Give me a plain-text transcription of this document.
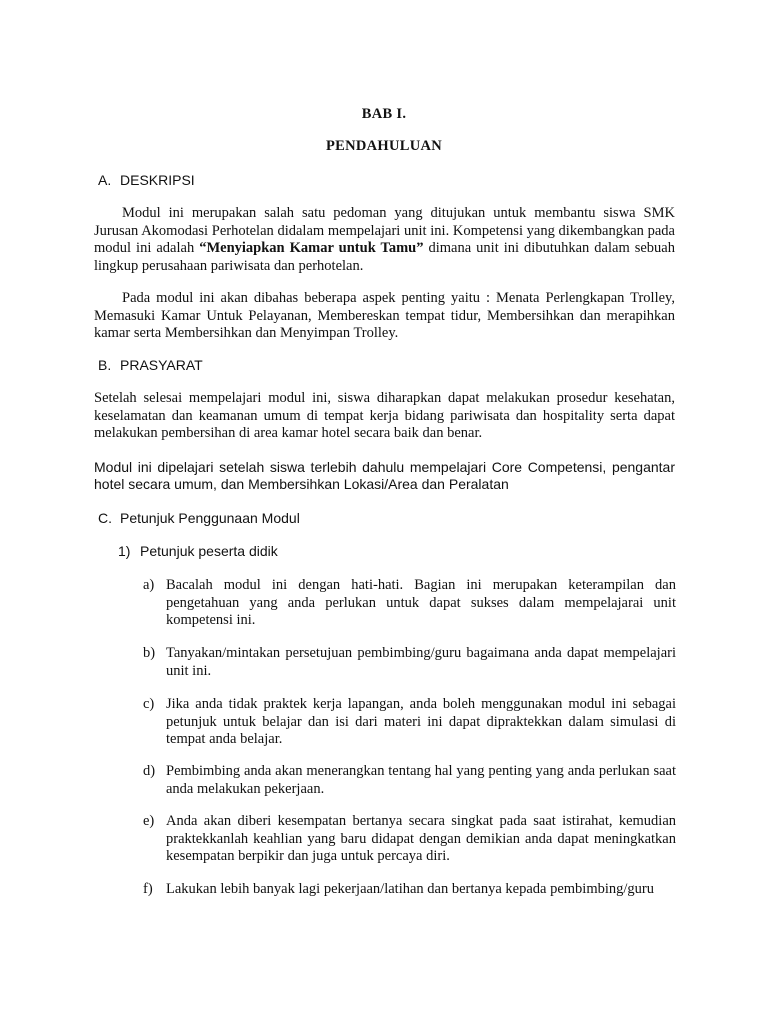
BAB I.
PENDAHULUAN
A. DESKRIPSI

Modul ini merupakan salah satu pedoman yang ditujukan untuk membantu siswa SMK Jurusan Akomodasi Perhotelan didalam mempelajari unit ini. Kompetensi yang dikembangkan pada modul ini adalah “Menyiapkan Kamar untuk Tamu” dimana unit ini dibutuhkan dalam sebuah lingkup perusahaan pariwisata dan perhotelan.

Pada modul ini akan dibahas beberapa aspek penting yaitu : Menata Perlengkapan Trolley, Memasuki Kamar Untuk Pelayanan, Membereskan tempat tidur, Membersihkan dan merapihkan kamar serta Membersihkan dan Menyimpan Trolley.

B. PRASYARAT

Setelah selesai mempelajari modul ini, siswa diharapkan dapat melakukan prosedur kesehatan, keselamatan dan keamanan umum di tempat kerja bidang pariwisata dan hospitality serta dapat melakukan pembersihan di area kamar hotel secara baik dan benar.

Modul ini dipelajari setelah siswa terlebih dahulu mempelajari Core Competensi, pengantar hotel secara umum, dan Membersihkan Lokasi/Area dan Peralatan

C. Petunjuk Penggunaan Modul
1) Petunjuk peserta didik
a) Bacalah modul ini dengan hati-hati. Bagian ini merupakan keterampilan dan pengetahuan yang anda perlukan untuk dapat sukses dalam mempelajarai unit kompetensi ini.
b) Tanyakan/mintakan persetujuan pembimbing/guru bagaimana anda dapat mempelajari unit ini.
c) Jika anda tidak praktek kerja lapangan, anda boleh menggunakan modul ini sebagai petunjuk untuk belajar dan isi dari materi ini dapat dipraktekkan dalam simulasi di tempat anda belajar.
d) Pembimbing anda akan menerangkan tentang hal yang penting yang anda perlukan saat anda melakukan pekerjaan.
e) Anda akan diberi kesempatan bertanya secara singkat pada saat istirahat, kemudian praktekkanlah keahlian yang baru didapat dengan demikian anda dapat meningkatkan kesempatan berpikir dan juga untuk percaya diri.
f) Lakukan lebih banyak lagi pekerjaan/latihan dan bertanya kepada pembimbing/guru
